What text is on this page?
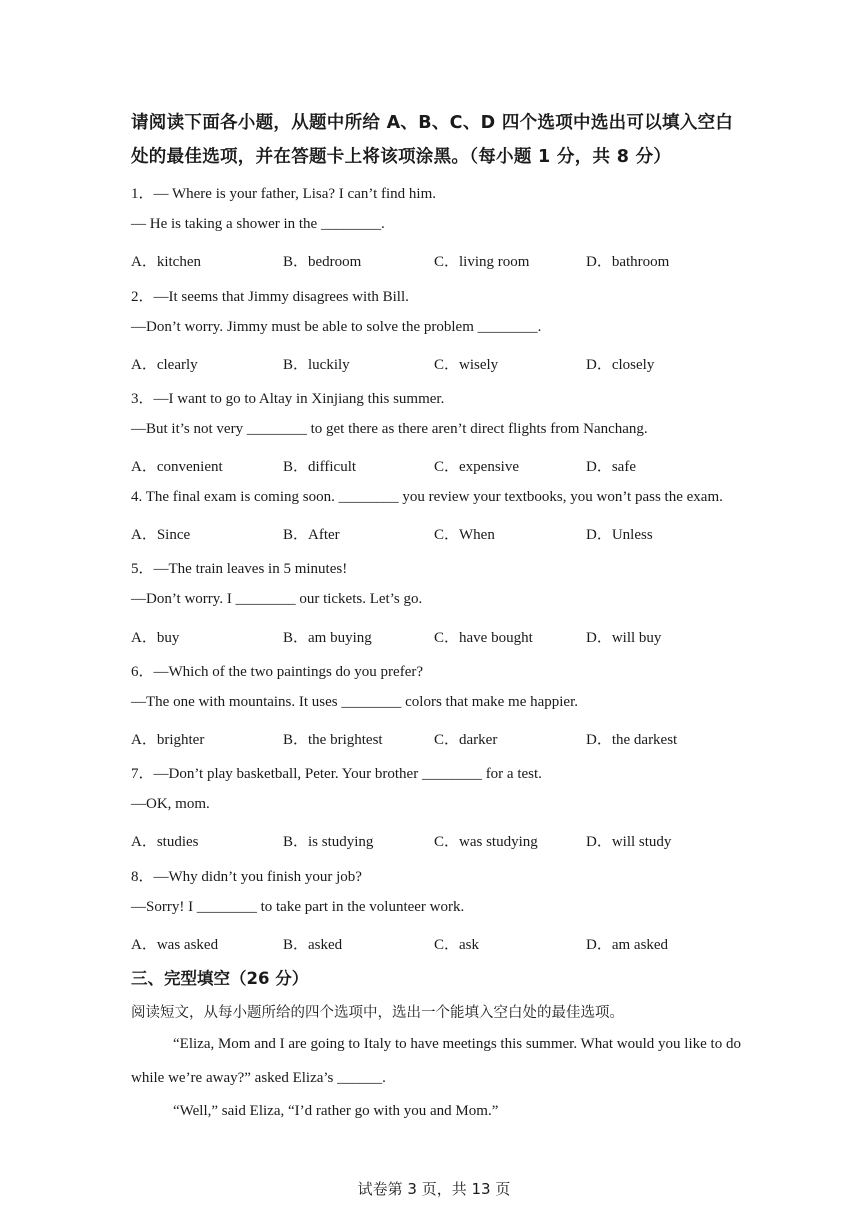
请阅读下面各小题，从题中所给 A、B、C、D 四个选项中选出可以填入空白处的最佳选项，并在答题卡上将该项涂黑。（每小题 1 分，共 8 分）
1．— Where is your father, Lisa? I can’t find him.
— He is taking a shower in the ________.
A．kitchen	B．bedroom	C．living room	D．bathroom
2．—It seems that Jimmy disagrees with Bill.
—Don’t worry. Jimmy must be able to solve the problem ________.
A．clearly	B．luckily	C．wisely	D．closely
3．—I want to go to Altay in Xinjiang this summer.
—But it’s not very ________ to get there as there aren’t direct flights from Nanchang.
A．convenient	B．difficult	C．expensive	D．safe
4. The final exam is coming soon. ________ you review your textbooks, you won’t pass the exam.
A．Since	B．After	C．When	D．Unless
5．—The train leaves in 5 minutes!
—Don’t worry. I ________ our tickets. Let’s go.
A．buy	B．am buying	C．have bought	D．will buy
6．—Which of the two paintings do you prefer?
—The one with mountains. It uses ________ colors that make me happier.
A．brighter	B．the brightest	C．darker	D．the darkest
7．—Don’t play basketball, Peter. Your brother ________ for a test.
—OK, mom.
A．studies	B．is studying	C．was studying	D．will study
8．—Why didn’t you finish your job?
—Sorry! I ________ to take part in the volunteer work.
A．was asked	B．asked	C．ask	D．am asked
三、完型填空（26 分）
阅读短文，从每小题所给的四个选项中，选出一个能填入空白处的最佳选项。
“Eliza, Mom and I are going to Italy to have meetings this summer. What would you like to do while we’re away?” asked Eliza’s ______.
“Well,” said Eliza, “I’d rather go with you and Mom.”
试卷第 3 页，共 13 页
